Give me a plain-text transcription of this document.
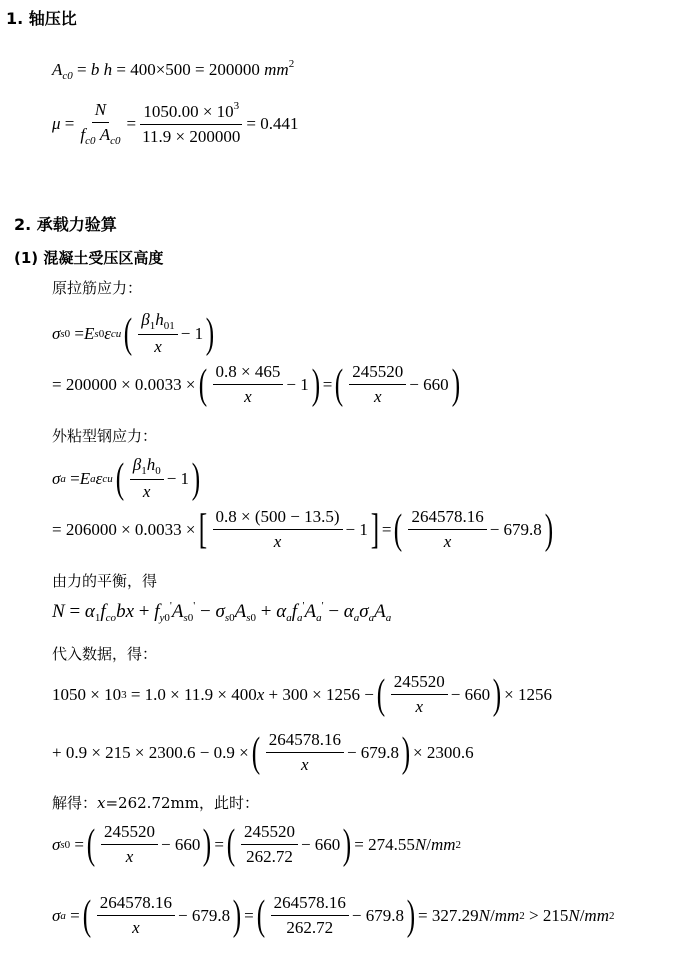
1. 轴压比
$A_{c0} = b$ h = 400×500 = 200000 $mm^2$
$\mu = \frac{N}{f_{c0} A_{c0}} = \frac{1050.00 \times 10^3}{11.9 \times 200000} = 0.441$
2. 承载力验算
(1) 混凝土受压区高度
原拉筋应力：
σ s0 = E s0 ε cu ( $\frac{\beta_1h_{01}}{x} - 1$ )
= 200000 × 0.0033 × ( $\frac{0.8 \times 465}{x} - 1$ ) = ( $\frac{245520}{x} - 660$ )
外粘型钢应力：
σ a = E a ε cu ( $\frac{\beta_1h_0}{x} - 1$ )
= 206000 × 0.0033 × [ $\frac{0.8 \times (500 - 13.5)}{x} - 1$ ] = ( $\frac{264578.16}{x} - 679.8$ )
由力的平衡，得
$N = \alpha_1f_{co}bx + f_{y0}'A_{s0}' - \sigma_{s0}A_{s0} + \alpha_af_a'A_a' - \alpha_a\sigma_aA_a$
代入数据，得：
1050 × 10 3
= 1.0 × 11.9 × 400 x
+ 300 × 1256 − ( $\frac{245520}{x} - 660$ ) × 1256
+ 0.9 × 215 × 2300.6 − 0.9 × ( $\frac{264578.16}{x} - 679.8$ ) × 2300.6
解得：x=262.72mm，此时：
σ s0 = ( $\frac{245520}{x} - 660$ ) = ( $\frac{245520}{262.72} - 660$ ) = 274.55 N / mm 2
σ a = ( $\frac{264578.16}{x} - 679.8$ ) = ( $\frac{264578.16}{262.72} - 679.8$ ) = 327.29 N / mm 2
> 215 N / mm 2
